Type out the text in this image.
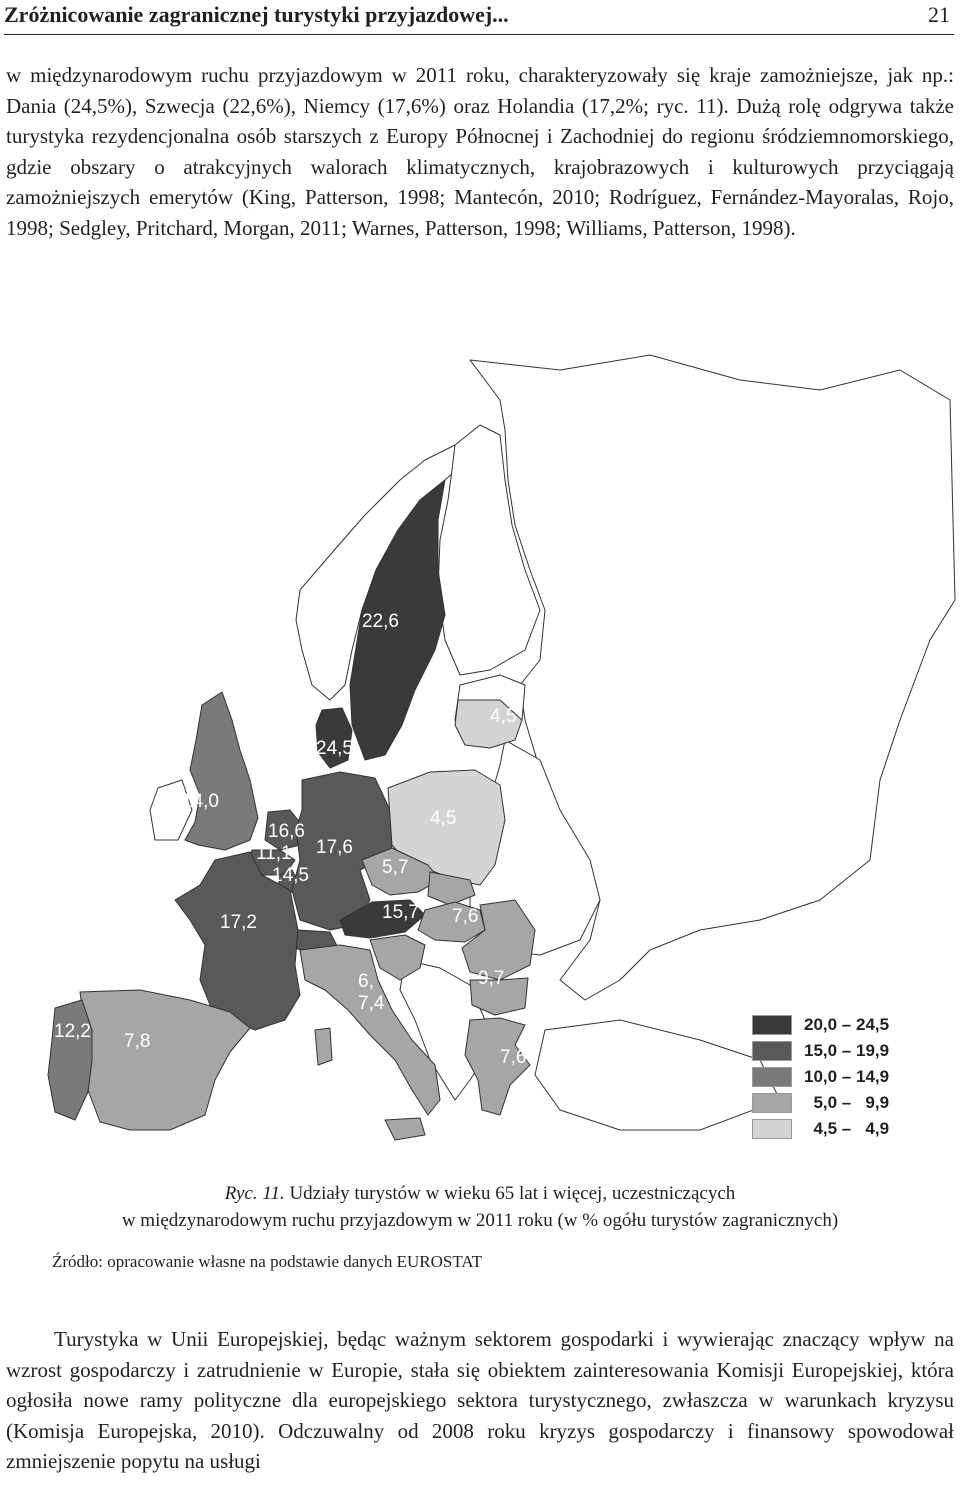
Zróżnicowanie zagranicznej turystyki przyjazdowej...	21

w międzynarodowym ruchu przyjazdowym w 2011 roku, charakteryzowały się kraje zamożniejsze, jak np.: Dania (24,5%), Szwecja (22,6%), Niemcy (17,6%) oraz Holandia (17,2%; ryc. 11). Dużą rolę odgrywa także turystyka rezydencjonalna osób starszych z Europy Północnej i Zachodniej do regionu śródziemnomorskiego, gdzie obszary o atrakcyjnych walorach klimatycznych, krajobrazowych i kulturowych przyciągają zamożniejszych emerytów (King, Patterson, 1998; Mantecón, 2010; Rodríguez, Fernández-Mayoralas, Rojo, 1998; Sedgley, Pritchard, Morgan, 2011; Warnes, Patterson, 1998; Williams, Patterson, 1998).

22,6
24,5
4,5
14,0
16,6
11,1
14,5
17,6
4,5
5,7
17,2	15,7 7,6
6,
7,4
9,7
7,6
12,2 7,8
20,0 – 24,5
15,0 – 19,9
10,0 – 14,9
5,0 –   9,9
4,5 –   4,9
Ryc. 11. Udziały turystów w wieku 65 lat i więcej, uczestniczących
w międzynarodowym ruchu przyjazdowym w 2011 roku (w % ogółu turystów zagranicznych)
Źródło: opracowanie własne na podstawie danych EUROSTAT

Turystyka w Unii Europejskiej, będąc ważnym sektorem gospodarki i wywierając znaczący wpływ na wzrost gospodarczy i zatrudnienie w Europie, stała się obiektem zainteresowania Komisji Europejskiej, która ogłosiła nowe ramy polityczne dla europejskiego sektora turystycznego, zwłaszcza w warunkach kryzysu (Komisja Europejska, 2010). Odczuwalny od 2008 roku kryzys gospodarczy i finansowy spowodował zmniejszenie popytu na usługi
